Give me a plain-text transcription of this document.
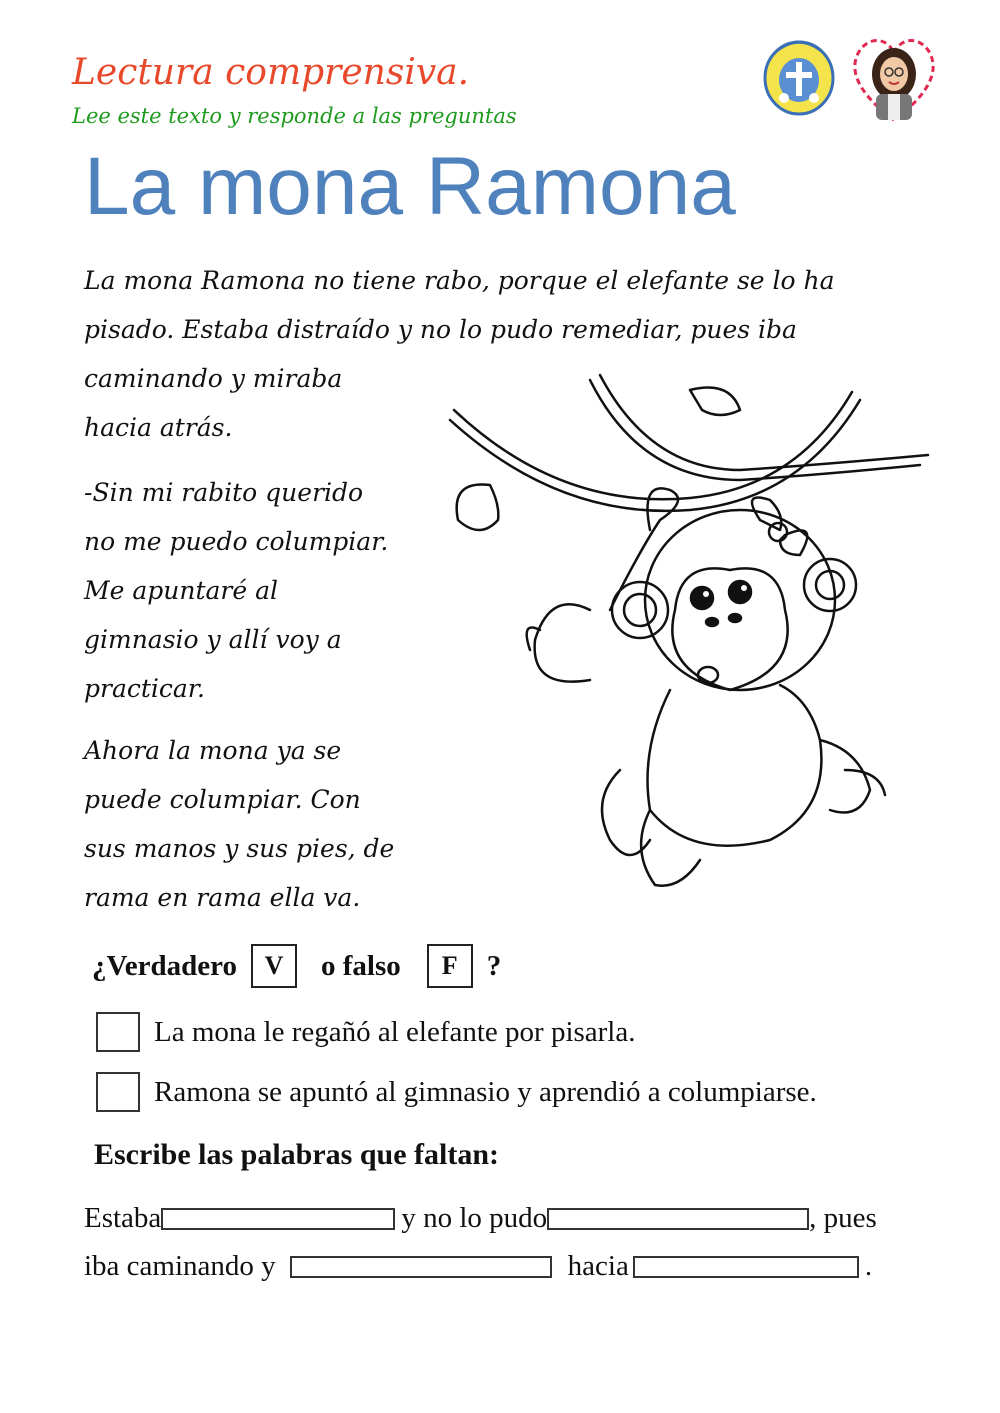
Lectura comprensiva.
Lee este texto y responde a las preguntas
La mona Ramona
La mona Ramona no tiene rabo, porque el elefante se lo ha
pisado. Estaba distraído y no lo pudo remediar, pues iba
caminando y miraba
hacia atrás.
-Sin mi rabito querido
no me puedo columpiar.
Me apuntaré al
gimnasio y allí voy a
practicar.
Ahora la mona ya se
puede columpiar. Con
sus manos y sus pies, de
rama en rama ella va.
¿Verdadero	V	o falso	F	?
La mona le regañó al elefante por pisarla.
Ramona se apuntó al gimnasio y aprendió a columpiarse.
Escribe las palabras que faltan:
Estaba	y no lo pudo	, pues
iba caminando y	hacia	.
